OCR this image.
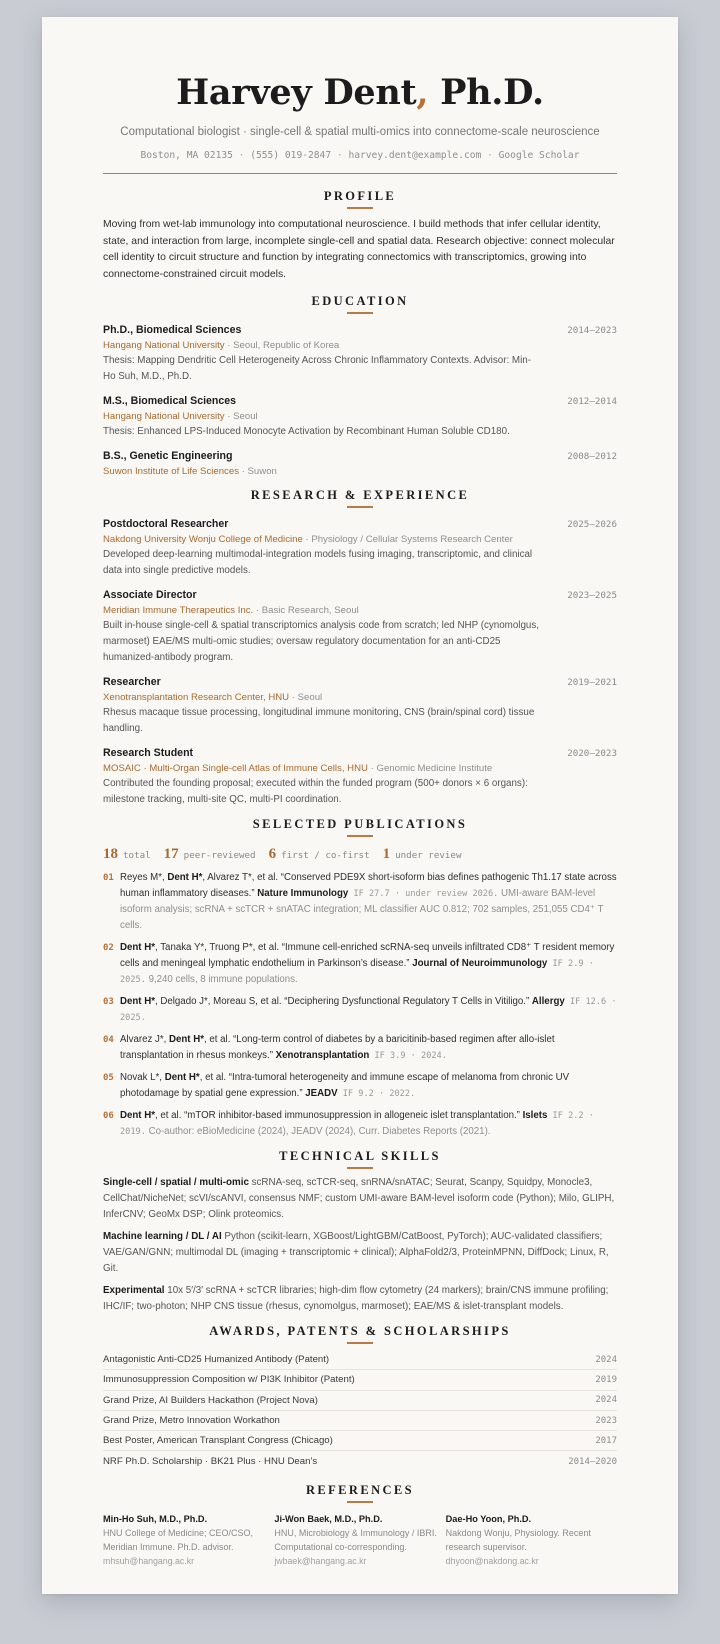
Harvey Dent, Ph.D.
Computational biologist · single-cell & spatial multi-omics into connectome-scale neuroscience
Boston, MA 02135 · (555) 019-2847 · harvey.dent@example.com · Google Scholar
PROFILE
Moving from wet-lab immunology into computational neuroscience. I build methods that infer cellular identity, state, and interaction from large, incomplete single-cell and spatial data. Research objective: connect molecular cell identity to circuit structure and function by integrating connectomics with transcriptomics, growing into connectome-constrained circuit models.
EDUCATION
Ph.D., Biomedical Sciences	2014–2023
Hangang National University · Seoul, Republic of Korea
Thesis: Mapping Dendritic Cell Heterogeneity Across Chronic Inflammatory Contexts. Advisor: Min-Ho Suh, M.D., Ph.D.
M.S., Biomedical Sciences	2012–2014
Hangang National University · Seoul
Thesis: Enhanced LPS-Induced Monocyte Activation by Recombinant Human Soluble CD180.
B.S., Genetic Engineering	2008–2012
Suwon Institute of Life Sciences · Suwon
RESEARCH & EXPERIENCE
Postdoctoral Researcher	2025–2026
Nakdong University Wonju College of Medicine · Physiology / Cellular Systems Research Center
Developed deep-learning multimodal-integration models fusing imaging, transcriptomic, and clinical data into single predictive models.
Associate Director	2023–2025
Meridian Immune Therapeutics Inc. · Basic Research, Seoul
Built in-house single-cell & spatial transcriptomics analysis code from scratch; led NHP (cynomolgus, marmoset) EAE/MS multi-omic studies; oversaw regulatory documentation for an anti-CD25 humanized-antibody program.
Researcher	2019–2021
Xenotransplantation Research Center, HNU · Seoul
Rhesus macaque tissue processing, longitudinal immune monitoring, CNS (brain/spinal cord) tissue handling.
Research Student	2020–2023
MOSAIC · Multi-Organ Single-cell Atlas of Immune Cells, HNU · Genomic Medicine Institute
Contributed the founding proposal; executed within the funded program (500+ donors × 6 organs): milestone tracking, multi-site QC, multi-PI coordination.
SELECTED PUBLICATIONS
18 total 17 peer-reviewed 6 first / co-first 1 under review
01 Reyes M*, Dent H*, Alvarez T*, et al. “Conserved PDE9X short-isoform bias defines pathogenic Th1.17 state across human inflammatory diseases.” Nature Immunology IF 27.7 · under review 2026. UMI-aware BAM-level isoform analysis; scRNA + scTCR + snATAC integration; ML classifier AUC 0.812; 702 samples, 251,055 CD4⁺ T cells.
02 Dent H*, Tanaka Y*, Truong P*, et al. “Immune cell-enriched scRNA-seq unveils infiltrated CD8⁺ T resident memory cells and meningeal lymphatic endothelium in Parkinson’s disease.” Journal of Neuroimmunology IF 2.9 · 2025. 9,240 cells, 8 immune populations.
03 Dent H*, Delgado J*, Moreau S, et al. “Deciphering Dysfunctional Regulatory T Cells in Vitiligo.” Allergy IF 12.6 · 2025.
04 Alvarez J*, Dent H*, et al. “Long-term control of diabetes by a baricitinib-based regimen after allo-islet transplantation in rhesus monkeys.” Xenotransplantation IF 3.9 · 2024.
05 Novak L*, Dent H*, et al. “Intra-tumoral heterogeneity and immune escape of melanoma from chronic UV photodamage by spatial gene expression.” JEADV IF 9.2 · 2022.
06 Dent H*, et al. “mTOR inhibitor-based immunosuppression in allogeneic islet transplantation.” Islets IF 2.2 · 2019. Co-author: eBioMedicine (2024), JEADV (2024), Curr. Diabetes Reports (2021).
TECHNICAL SKILLS
Single-cell / spatial / multi-omic scRNA-seq, scTCR-seq, snRNA/snATAC; Seurat, Scanpy, Squidpy, Monocle3, CellChat/NicheNet; scVI/scANVI, consensus NMF; custom UMI-aware BAM-level isoform code (Python); Milo, GLIPH, InferCNV; GeoMx DSP; Olink proteomics.
Machine learning / DL / AI Python (scikit-learn, XGBoost/LightGBM/CatBoost, PyTorch); AUC-validated classifiers; VAE/GAN/GNN; multimodal DL (imaging + transcriptomic + clinical); AlphaFold2/3, ProteinMPNN, DiffDock; Linux, R, Git.
Experimental 10x 5′/3′ scRNA + scTCR libraries; high-dim flow cytometry (24 markers); brain/CNS immune profiling; IHC/IF; two-photon; NHP CNS tissue (rhesus, cynomolgus, marmoset); EAE/MS & islet-transplant models.
AWARDS, PATENTS & SCHOLARSHIPS
Antagonistic Anti-CD25 Humanized Antibody (Patent)	2024
Immunosuppression Composition w/ PI3K Inhibitor (Patent)	2019
Grand Prize, AI Builders Hackathon (Project Nova)	2024
Grand Prize, Metro Innovation Workathon	2023
Best Poster, American Transplant Congress (Chicago)	2017
NRF Ph.D. Scholarship · BK21 Plus · HNU Dean’s	2014–2020
REFERENCES
Min-Ho Suh, M.D., Ph.D.
HNU College of Medicine; CEO/CSO, Meridian Immune. Ph.D. advisor.
mhsuh@hangang.ac.kr
Ji-Won Baek, M.D., Ph.D.
HNU, Microbiology & Immunology / IBRI. Computational co-corresponding.
jwbaek@hangang.ac.kr
Dae-Ho Yoon, Ph.D.
Nakdong Wonju, Physiology. Recent research supervisor.
dhyoon@nakdong.ac.kr
